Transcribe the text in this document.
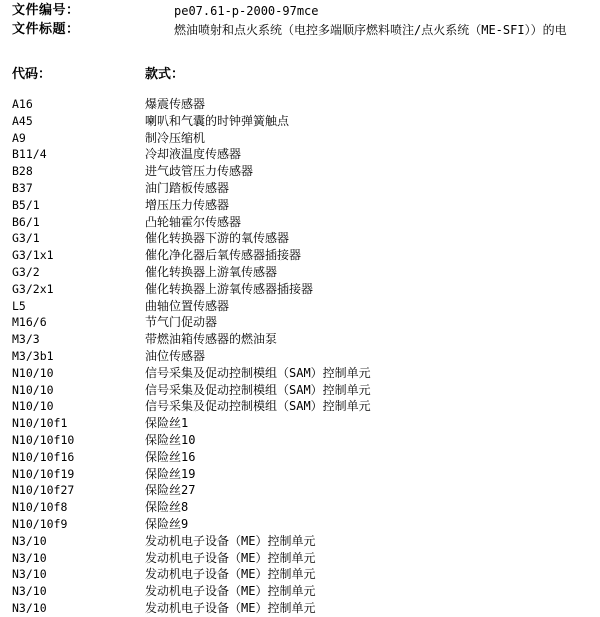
文件编号：	pe07.61-p-2000-97mce
文件标题：	燃油喷射和点火系统（电控多端顺序燃料喷注/点火系统（ME-SFI））的电
代码：	款式：
A16	爆震传感器
A45	喇叭和气囊的时钟弹簧触点
A9	制冷压缩机
B11/4	冷却液温度传感器
B28	进气歧管压力传感器
B37	油门踏板传感器
B5/1	增压压力传感器
B6/1	凸轮轴霍尔传感器
G3/1	催化转换器下游的氧传感器
G3/1x1	催化净化器后氧传感器插接器
G3/2	催化转换器上游氧传感器
G3/2x1	催化转换器上游氧传感器插接器
L5	曲轴位置传感器
M16/6	节气门促动器
M3/3	带燃油箱传感器的燃油泵
M3/3b1	油位传感器
N10/10	信号采集及促动控制模组（SAM）控制单元
N10/10	信号采集及促动控制模组（SAM）控制单元
N10/10	信号采集及促动控制模组（SAM）控制单元
N10/10f1	保险丝1
N10/10f10	保险丝10
N10/10f16	保险丝16
N10/10f19	保险丝19
N10/10f27	保险丝27
N10/10f8	保险丝8
N10/10f9	保险丝9
N3/10	发动机电子设备（ME）控制单元
N3/10	发动机电子设备（ME）控制单元
N3/10	发动机电子设备（ME）控制单元
N3/10	发动机电子设备（ME）控制单元
N3/10	发动机电子设备（ME）控制单元
